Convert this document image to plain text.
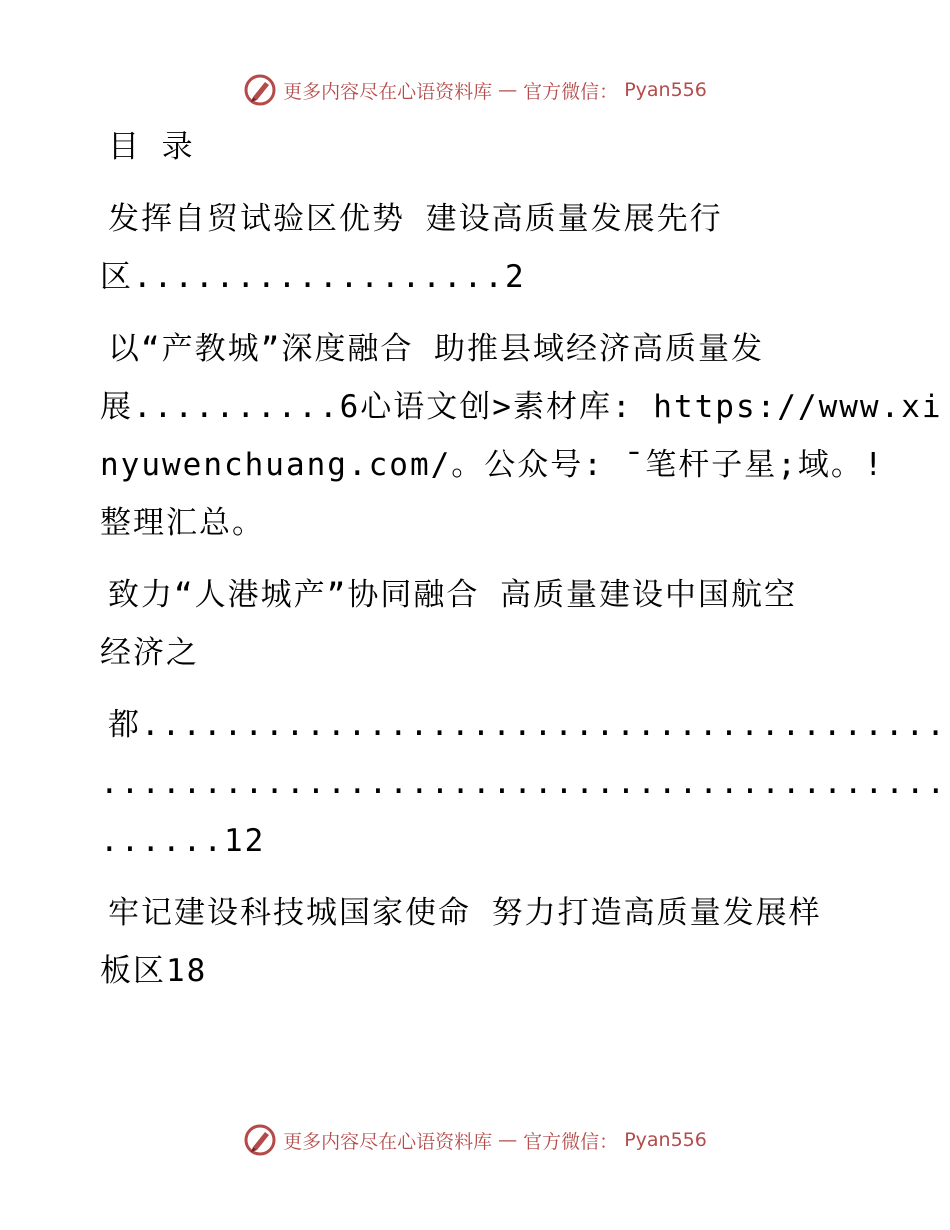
更多内容尽在心语资料库 — 官方微信： Pyan556
目 录
发挥自贸试验区优势 建设高质量发展先行
区..................2
以“产教城”深度融合 助推县域经济高质量发
展..........6心语文创>素材库: https://www.xi
nyuwenchuang.com/。公众号: ¯笔杆子星;域。!
整理汇总。
致力“人港城产”协同融合 高质量建设中国航空
经济之
都.......................................
.........................................
......12
牢记建设科技城国家使命 努力打造高质量发展样
板区18
更多内容尽在心语资料库 — 官方微信： Pyan556
